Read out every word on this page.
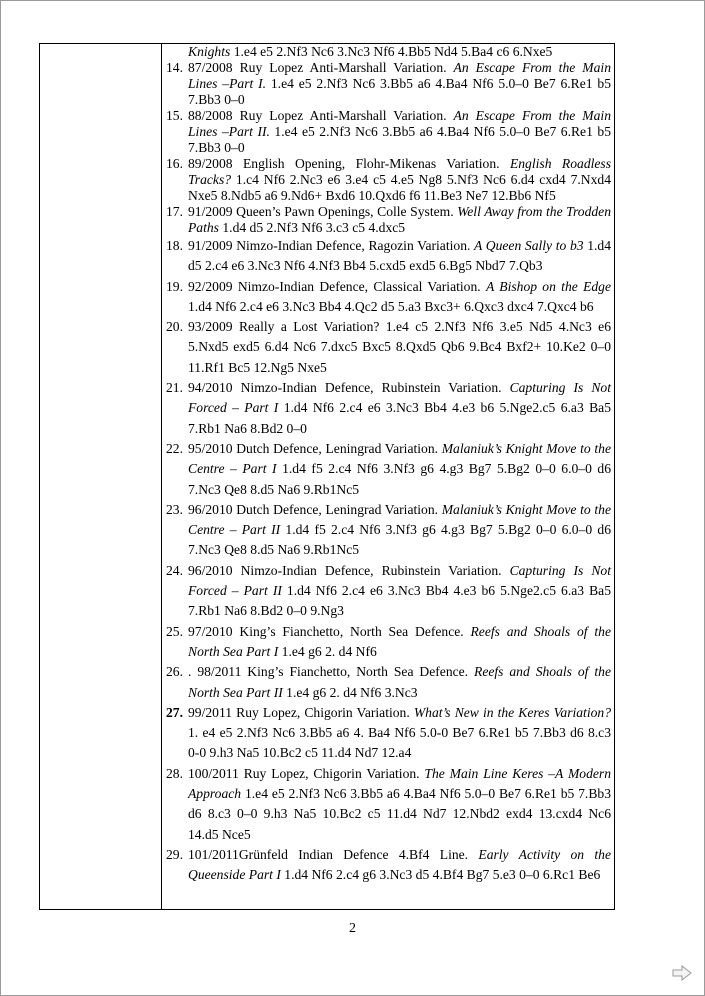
Knights 1.e4 e5 2.Nf3 Nc6 3.Nc3 Nf6 4.Bb5 Nd4 5.Ba4 c6 6.Nxe5
14. 87/2008 Ruy Lopez Anti-Marshall Variation. An Escape From the Main Lines –Part I. 1.e4 e5 2.Nf3 Nc6 3.Bb5 a6 4.Ba4 Nf6 5.0–0 Be7 6.Re1 b5 7.Bb3 0–0
15. 88/2008 Ruy Lopez Anti-Marshall Variation. An Escape From the Main Lines –Part II. 1.e4 e5 2.Nf3 Nc6 3.Bb5 a6 4.Ba4 Nf6 5.0–0 Be7 6.Re1 b5 7.Bb3 0–0
16. 89/2008 English Opening, Flohr-Mikenas Variation. English Roadless Tracks? 1.c4 Nf6 2.Nc3 e6 3.e4 c5 4.e5 Ng8 5.Nf3 Nc6 6.d4 cxd4 7.Nxd4 Nxe5 8.Ndb5 a6 9.Nd6+ Bxd6 10.Qxd6 f6 11.Be3 Ne7 12.Bb6 Nf5
17. 91/2009 Queen’s Pawn Openings, Colle System. Well Away from the Trodden Paths 1.d4 d5 2.Nf3 Nf6 3.c3 c5 4.dxc5
18. 91/2009 Nimzo-Indian Defence, Ragozin Variation. A Queen Sally to b3 1.d4 d5 2.c4 e6 3.Nc3 Nf6 4.Nf3 Bb4 5.cxd5 exd5 6.Bg5 Nbd7 7.Qb3
19. 92/2009 Nimzo-Indian Defence, Classical Variation. A Bishop on the Edge 1.d4 Nf6 2.c4 e6 3.Nc3 Bb4 4.Qc2 d5 5.a3 Bxc3+ 6.Qxc3 dxc4 7.Qxc4 b6
20. 93/2009 Really a Lost Variation? 1.e4 c5 2.Nf3 Nf6 3.e5 Nd5 4.Nc3 e6 5.Nxd5 exd5 6.d4 Nc6 7.dxc5 Bxc5 8.Qxd5 Qb6 9.Bc4 Bxf2+ 10.Ke2 0–0 11.Rf1 Bc5 12.Ng5 Nxe5
21. 94/2010 Nimzo-Indian Defence, Rubinstein Variation. Capturing Is Not Forced – Part I 1.d4 Nf6 2.c4 e6 3.Nc3 Bb4 4.e3 b6 5.Nge2.c5 6.a3 Ba5 7.Rb1 Na6 8.Bd2 0–0
22. 95/2010 Dutch Defence, Leningrad Variation. Malaniuk’s Knight Move to the Centre – Part I 1.d4 f5 2.c4 Nf6 3.Nf3 g6 4.g3 Bg7 5.Bg2 0–0 6.0–0 d6 7.Nc3 Qe8 8.d5 Na6 9.Rb1Nc5
23. 96/2010 Dutch Defence, Leningrad Variation. Malaniuk’s Knight Move to the Centre – Part II 1.d4 f5 2.c4 Nf6 3.Nf3 g6 4.g3 Bg7 5.Bg2 0–0 6.0–0 d6 7.Nc3 Qe8 8.d5 Na6 9.Rb1Nc5
24. 96/2010 Nimzo-Indian Defence, Rubinstein Variation. Capturing Is Not Forced – Part II 1.d4 Nf6 2.c4 e6 3.Nc3 Bb4 4.e3 b6 5.Nge2.c5 6.a3 Ba5 7.Rb1 Na6 8.Bd2 0–0 9.Ng3
25. 97/2010 King’s Fianchetto, North Sea Defence. Reefs and Shoals of the North Sea Part I 1.e4 g6 2. d4 Nf6
26. . 98/2011 King’s Fianchetto, North Sea Defence. Reefs and Shoals of the North Sea Part II 1.e4 g6 2. d4 Nf6 3.Nc3
27. 99/2011 Ruy Lopez, Chigorin Variation. What’s New in the Keres Variation? 1. e4 e5 2.Nf3 Nc6 3.Bb5 a6 4. Ba4 Nf6 5.0-0 Be7 6.Re1 b5 7.Bb3 d6 8.c3 0-0 9.h3 Na5 10.Bc2 c5 11.d4 Nd7 12.a4
28. 100/2011 Ruy Lopez, Chigorin Variation. The Main Line Keres –A Modern Approach 1.e4 e5 2.Nf3 Nc6 3.Bb5 a6 4.Ba4 Nf6 5.0–0 Be7 6.Re1 b5 7.Bb3 d6 8.c3 0–0 9.h3 Na5 10.Bc2 c5 11.d4 Nd7 12.Nbd2 exd4 13.cxd4 Nc6 14.d5 Nce5
29. 101/2011Grünfeld Indian Defence 4.Bf4 Line. Early Activity on the Queenside Part I 1.d4 Nf6 2.c4 g6 3.Nc3 d5 4.Bf4 Bg7 5.e3 0–0 6.Rc1 Be6
2
